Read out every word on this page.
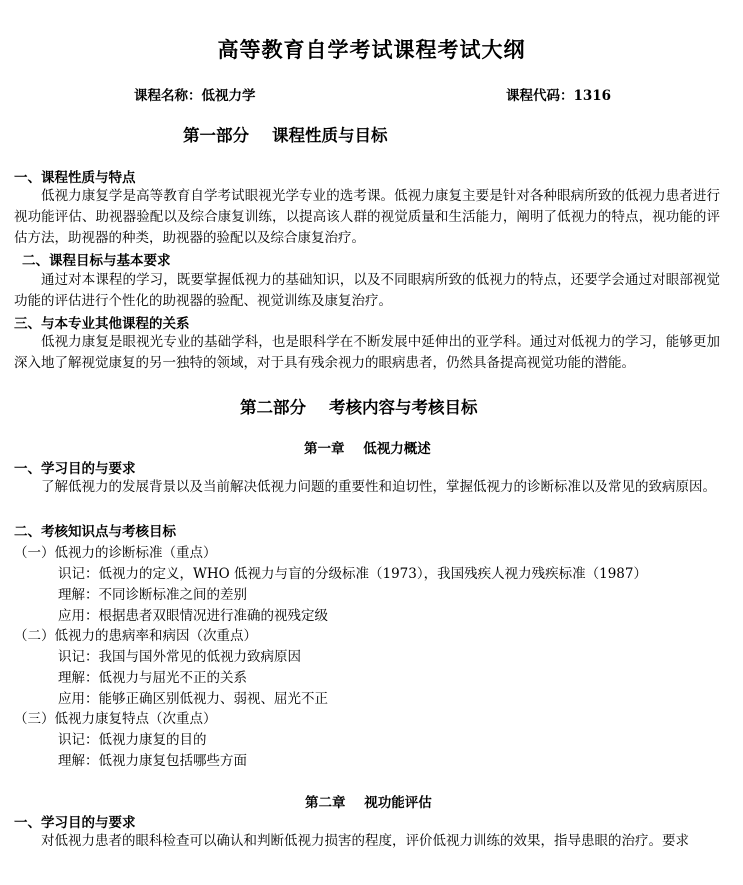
高等教育自学考试课程考试大纲
课程名称：低视力学	课程代码：1316
第一部分    课程性质与目标
一、课程性质与特点
低视力康复学是高等教育自学考试眼视光学专业的选考课。低视力康复主要是针对各种眼病所致的低视力患者进行视功能评估、助视器验配以及综合康复训练，以提高该人群的视觉质量和生活能力，阐明了低视力的特点，视功能的评估方法，助视器的种类，助视器的验配以及综合康复治疗。
二、课程目标与基本要求
通过对本课程的学习，既要掌握低视力的基础知识，以及不同眼病所致的低视力的特点，还要学会通过对眼部视觉功能的评估进行个性化的助视器的验配、视觉训练及康复治疗。
三、与本专业其他课程的关系
低视力康复是眼视光专业的基础学科，也是眼科学在不断发展中延伸出的亚学科。通过对低视力的学习，能够更加深入地了解视觉康复的另一独特的领域，对于具有残余视力的眼病患者，仍然具备提高视觉功能的潜能。
第二部分    考核内容与考核目标
第一章    低视力概述
一、学习目的与要求
了解低视力的发展背景以及当前解决低视力问题的重要性和迫切性，掌握低视力的诊断标准以及常见的致病原因。
二、考核知识点与考核目标
（一）低视力的诊断标准（重点）
识记：低视力的定义，WHO 低视力与盲的分级标准（1973），我国残疾人视力残疾标准（1987）
理解：不同诊断标准之间的差别
应用：根据患者双眼情况进行准确的视残定级
（二）低视力的患病率和病因（次重点）
识记：我国与国外常见的低视力致病原因
理解：低视力与屈光不正的关系
应用：能够正确区别低视力、弱视、屈光不正
（三）低视力康复特点（次重点）
识记：低视力康复的目的
理解：低视力康复包括哪些方面
第二章    视功能评估
一、学习目的与要求
对低视力患者的眼科检查可以确认和判断低视力损害的程度，评价低视力训练的效果，指导患眼的治疗。要求
